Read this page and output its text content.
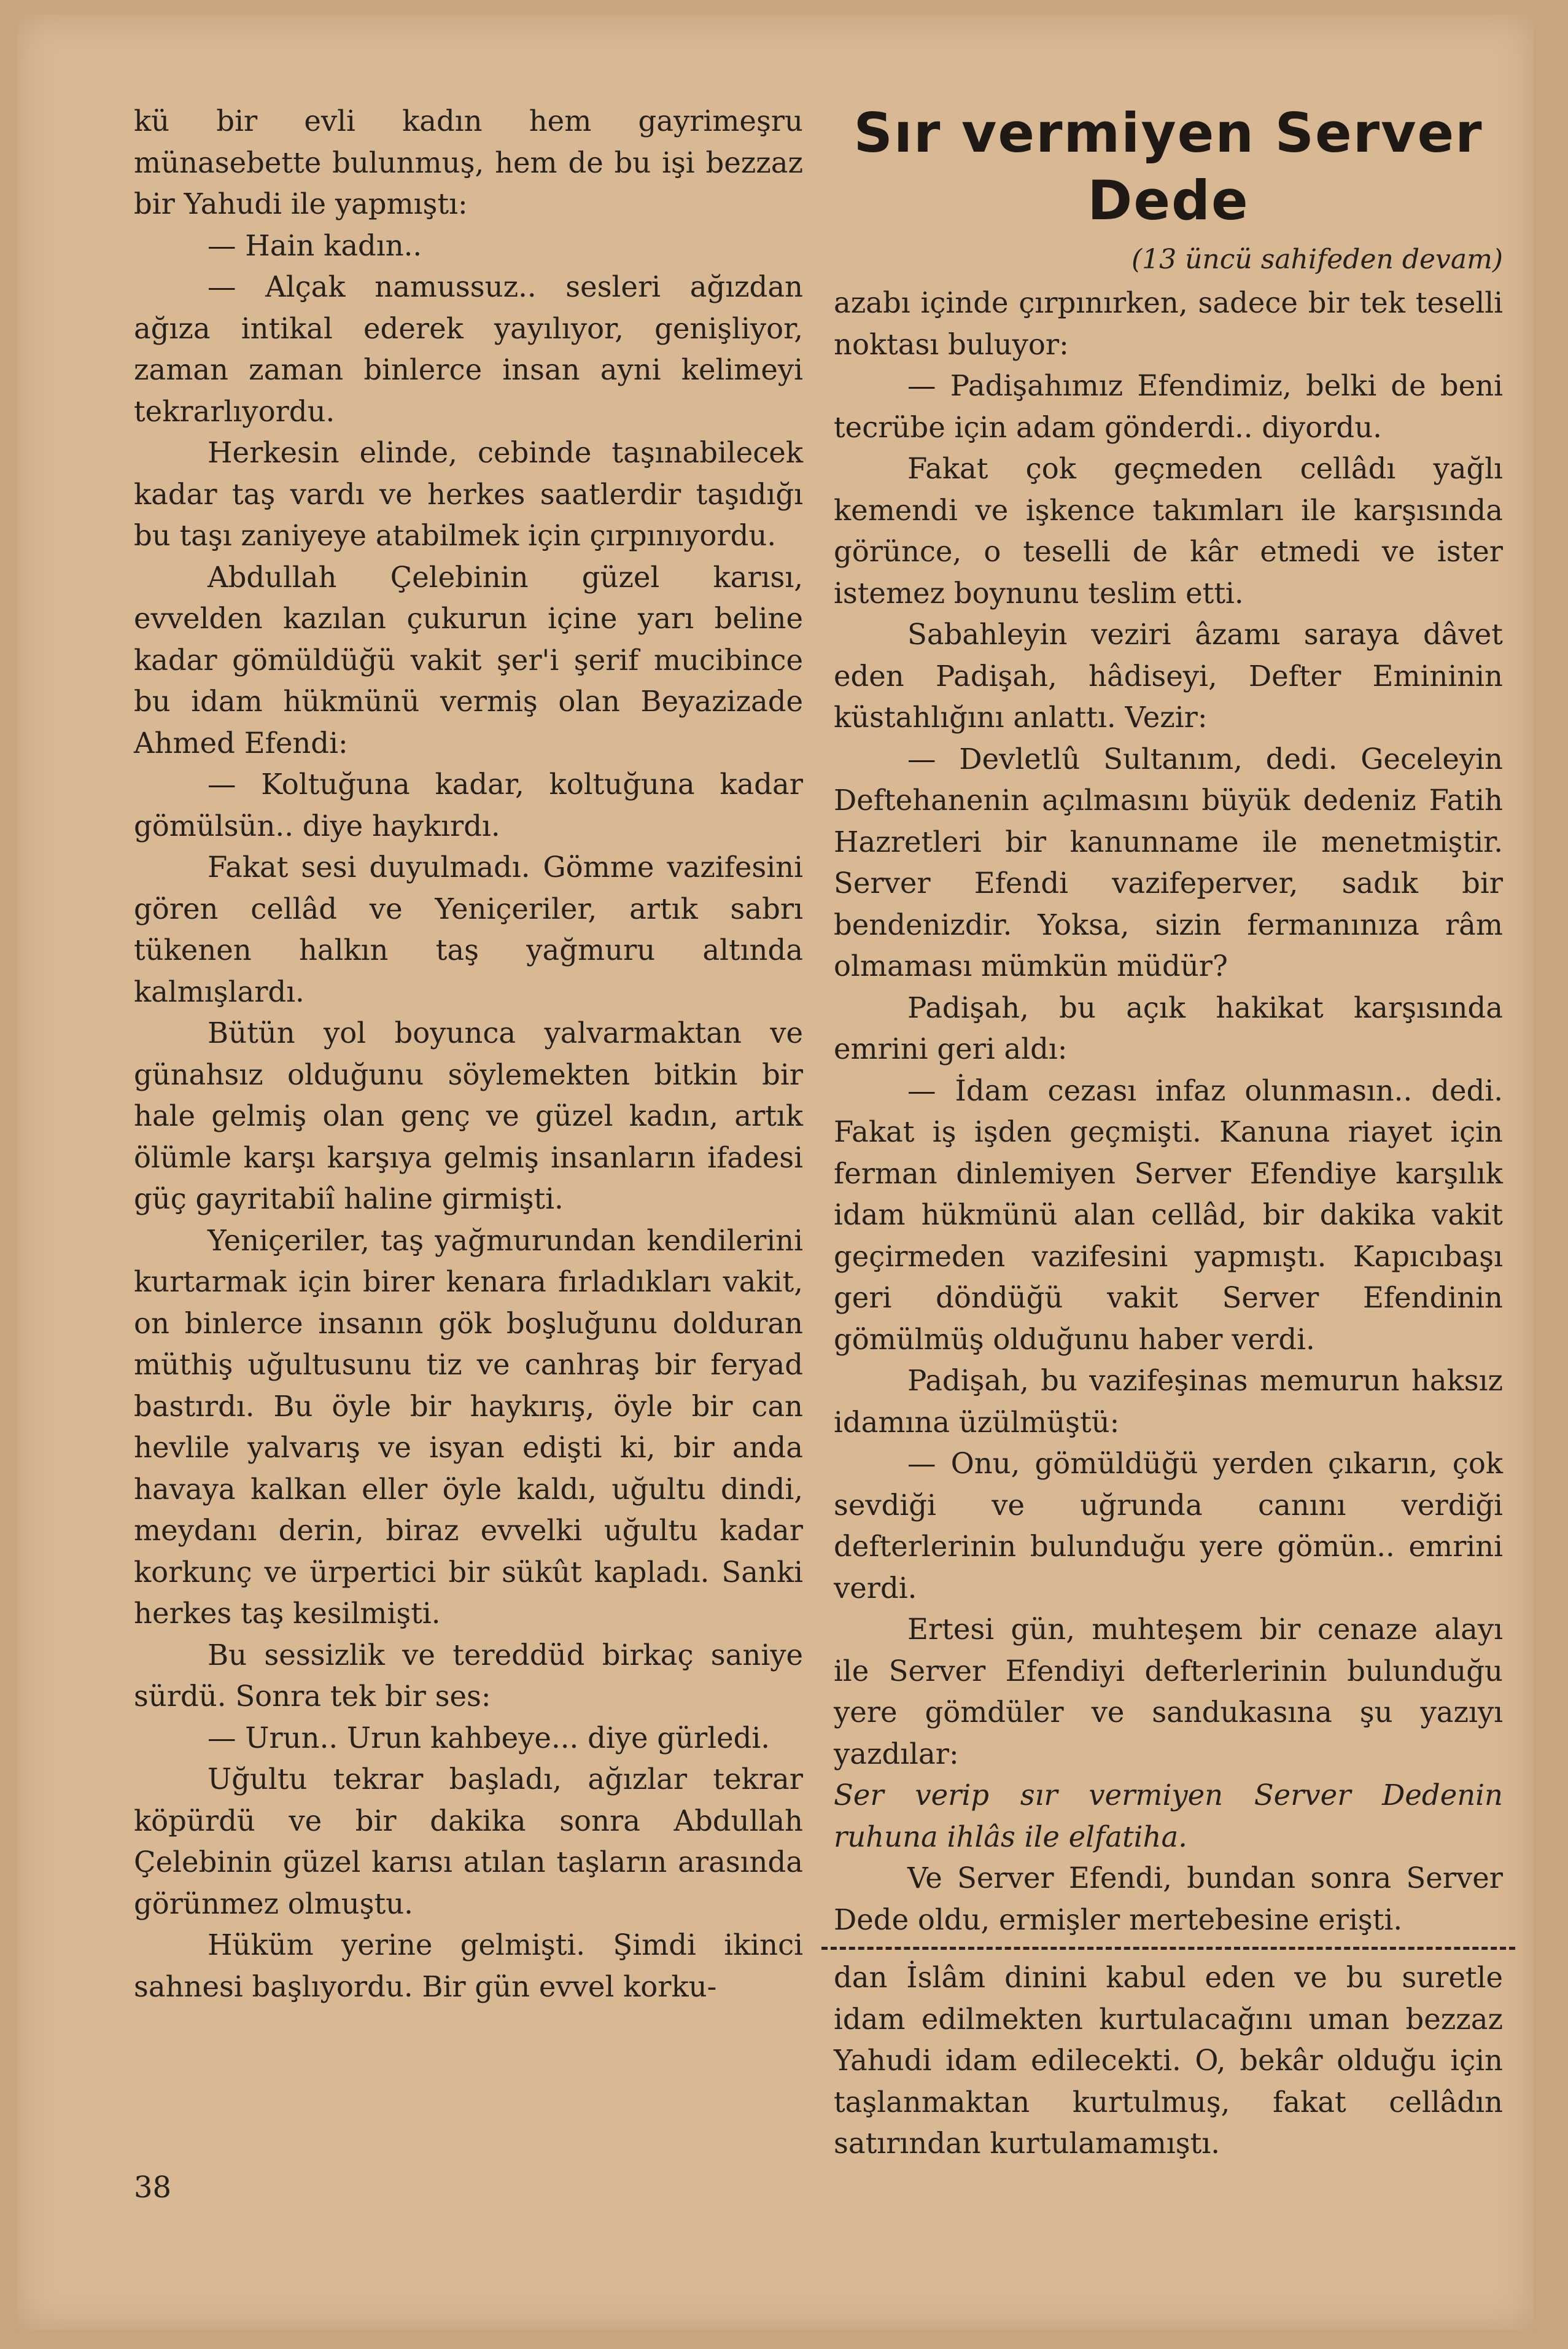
kü bir evli kadın hem gayrimeşru münasebette bulunmuş, hem de bu işi bezzaz bir Yahudi ile yapmıştı:

— Hain kadın..

— Alçak namussuz.. sesleri ağızdan ağıza intikal ederek yayılıyor, genişliyor, zaman zaman binlerce insan ayni kelimeyi tekrarlıyordu.

Herkesin elinde, cebinde taşınabilecek kadar taş vardı ve herkes saatlerdir taşıdığı bu taşı zaniyeye atabilmek için çırpınıyordu.

Abdullah Çelebinin güzel karısı, evvelden kazılan çukurun içine yarı beline kadar gömüldüğü vakit şer'i şerif mucibince bu idam hükmünü vermiş olan Beyazizade Ahmed Efendi:

— Koltuğuna kadar, koltuğuna kadar gömülsün.. diye haykırdı.

Fakat sesi duyulmadı. Gömme vazifesini gören cellâd ve Yeniçeriler, artık sabrı tükenen halkın taş yağmuru altında kalmışlardı.

Bütün yol boyunca yalvarmaktan ve günahsız olduğunu söylemekten bitkin bir hale gelmiş olan genç ve güzel kadın, artık ölümle karşı karşıya gelmiş insanların ifadesi güç gayritabiî haline girmişti.

Yeniçeriler, taş yağmurundan kendilerini kurtarmak için birer kenara fırladıkları vakit, on binlerce insanın gök boşluğunu dolduran müthiş uğultusunu tiz ve canhraş bir feryad bastırdı. Bu öyle bir haykırış, öyle bir can hevlile yalvarış ve isyan edişti ki, bir anda havaya kalkan eller öyle kaldı, uğultu dindi, meydanı derin, biraz evvelki uğultu kadar korkunç ve ürpertici bir sükût kapladı. Sanki herkes taş kesilmişti.

Bu sessizlik ve tereddüd birkaç saniye sürdü. Sonra tek bir ses:

— Urun.. Urun kahbeye... diye gürledi.

Uğultu tekrar başladı, ağızlar tekrar köpürdü ve bir dakika sonra Abdullah Çelebinin güzel karısı atılan taşların arasında görünmez olmuştu.

Hüküm yerine gelmişti. Şimdi ikinci sahnesi başlıyordu. Bir gün evvel korku-

Sır vermiyen Server Dede
(13 üncü sahifeden devam)

azabı içinde çırpınırken, sadece bir tek teselli noktası buluyor:

— Padişahımız Efendimiz, belki de beni tecrübe için adam gönderdi.. diyordu.

Fakat çok geçmeden cellâdı yağlı kemendi ve işkence takımları ile karşısında görünce, o teselli de kâr etmedi ve ister istemez boynunu teslim etti.

Sabahleyin veziri âzamı saraya dâvet eden Padişah, hâdiseyi, Defter Emininin küstahlığını anlattı. Vezir:

— Devletlû Sultanım, dedi. Geceleyin Deftehanenin açılmasını büyük dedeniz Fatih Hazretleri bir kanunname ile menetmiştir. Server Efendi vazifeperver, sadık bir bendenizdir. Yoksa, sizin fermanınıza râm olmaması mümkün müdür?

Padişah, bu açık hakikat karşısında emrini geri aldı:

— İdam cezası infaz olunmasın.. dedi. Fakat iş işden geçmişti. Kanuna riayet için ferman dinlemiyen Server Efendiye karşılık idam hükmünü alan cellâd, bir dakika vakit geçirmeden vazifesini yapmıştı. Kapıcıbaşı geri döndüğü vakit Server Efendinin gömülmüş olduğunu haber verdi.

Padişah, bu vazifeşinas memurun haksız idamına üzülmüştü:

— Onu, gömüldüğü yerden çıkarın, çok sevdiği ve uğrunda canını verdiği defterlerinin bulunduğu yere gömün.. emrini verdi.

Ertesi gün, muhteşem bir cenaze alayı ile Server Efendiyi defterlerinin bulunduğu yere gömdüler ve sandukasına şu yazıyı yazdılar:

Ser verip sır vermiyen Server Dedenin ruhuna ihlâs ile elfatiha.

Ve Server Efendi, bundan sonra Server Dede oldu, ermişler mertebesine erişti.

dan İslâm dinini kabul eden ve bu suretle idam edilmekten kurtulacağını uman bezzaz Yahudi idam edilecekti. O, bekâr olduğu için taşlanmaktan kurtulmuş, fakat cellâdın satırından kurtulamamıştı.

38
